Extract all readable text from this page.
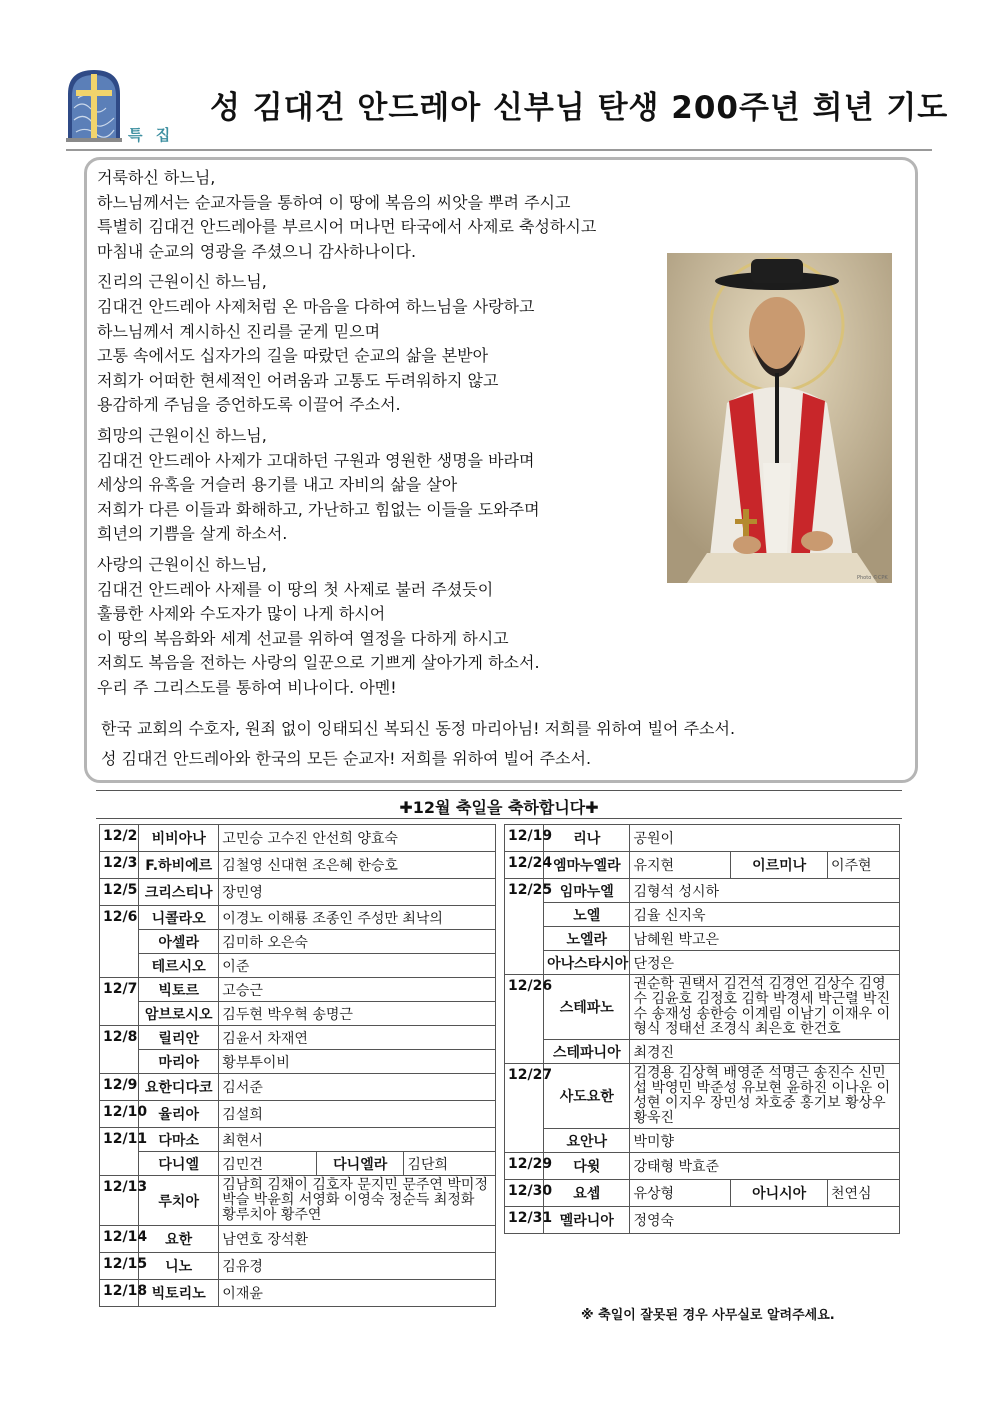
특 집
성 김대건 안드레아 신부님 탄생 200주년 희년 기도

거룩하신 하느님,
하느님께서는 순교자들을 통하여 이 땅에 복음의 씨앗을 뿌려 주시고
특별히 김대건 안드레아를 부르시어 머나먼 타국에서 사제로 축성하시고
마침내 순교의 영광을 주셨으니 감사하나이다.

진리의 근원이신 하느님,
김대건 안드레아 사제처럼 온 마음을 다하여 하느님을 사랑하고
하느님께서 계시하신 진리를 굳게 믿으며
고통 속에서도 십자가의 길을 따랐던 순교의 삶을 본받아
저희가 어떠한 현세적인 어려움과 고통도 두려워하지 않고
용감하게 주님을 증언하도록 이끌어 주소서.

희망의 근원이신 하느님,
김대건 안드레아 사제가 고대하던 구원과 영원한 생명을 바라며
세상의 유혹을 거슬러 용기를 내고 자비의 삶을 살아
저희가 다른 이들과 화해하고, 가난하고 힘없는 이들을 도와주며
희년의 기쁨을 살게 하소서.

사랑의 근원이신 하느님,
김대건 안드레아 사제를 이 땅의 첫 사제로 불러 주셨듯이
훌륭한 사제와 수도자가 많이 나게 하시어
이 땅의 복음화와 세계 선교를 위하여 열정을 다하게 하시고
저희도 복음을 전하는 사랑의 일꾼으로 기쁘게 살아가게 하소서.
우리 주 그리스도를 통하여 비나이다. 아멘!

Photo ©CPK
한국 교회의 수호자, 원죄 없이 잉태되신 복되신 동정 마리아님! 저희를 위하여 빌어 주소서.
성 김대건 안드레아와 한국의 모든 순교자! 저희를 위하여 빌어 주소서.
✚12월 축일을 축하합니다✚
12/2	비비아나	고민승 고수진 안선희 양효숙		
12/3	F.하비에르	김철영 신대현 조은혜 한승호		
12/5	크리스티나	장민영		
12/6	니콜라오	이경노 이해룡 조종인 주성만 최낙의		
	아셀라	김미하 오은숙		
	테르시오	이준		
12/7	빅토르	고승근		
	암브로시오	김두현 박우혁 송명근		
12/8	릴리안	김윤서 차재연		
	마리아	황부투이비		
12/9	요한디다코	김서준		
12/10	율리아	김설희		
12/11	다마소	최현서		
	다니엘	김민건	다니엘라	김단희
12/13	루치아	김남희 김채이 김호자 문지민 문주연 박미정 박슬 박윤희 서영화 이영숙 정순득 최정화 황루치아 황주연		
12/14	요한	남연호 장석환		
12/15	니노	김유경		
12/18	빅토리노	이재윤		
12/19	리나	공원이		
12/24	엠마누엘라	유지현	이르미나	이주현
12/25	임마누엘	김형석 성시하		
	노엘	김율 신지욱		
	노엘라	남혜원 박고은		
	아나스타시아	단정은		
12/26	스테파노	권순학 권택서 김건석 김경언 김상수 김영수 김윤호 김정호 김학 박경세 박근렬 박진수 송재성 송한승 이계림 이남기 이재우 이형식 정태선 조경식 최은호 한건호		
	스테파니아	최경진		
12/27	사도요한	김경용 김상혁 배영준 석명근 송진수 신민섭 박영민 박준성 유보현 윤하진 이나운 이성현 이지우 장민성 차호중 홍기보 황상우 황욱진		
	요안나	박미향		
12/29	다윗	강태형 박효준		
12/30	요셉	유상형	아니시아	천연심
12/31	멜라니아	정영숙		
※ 축일이 잘못된 경우 사무실로 알려주세요.
